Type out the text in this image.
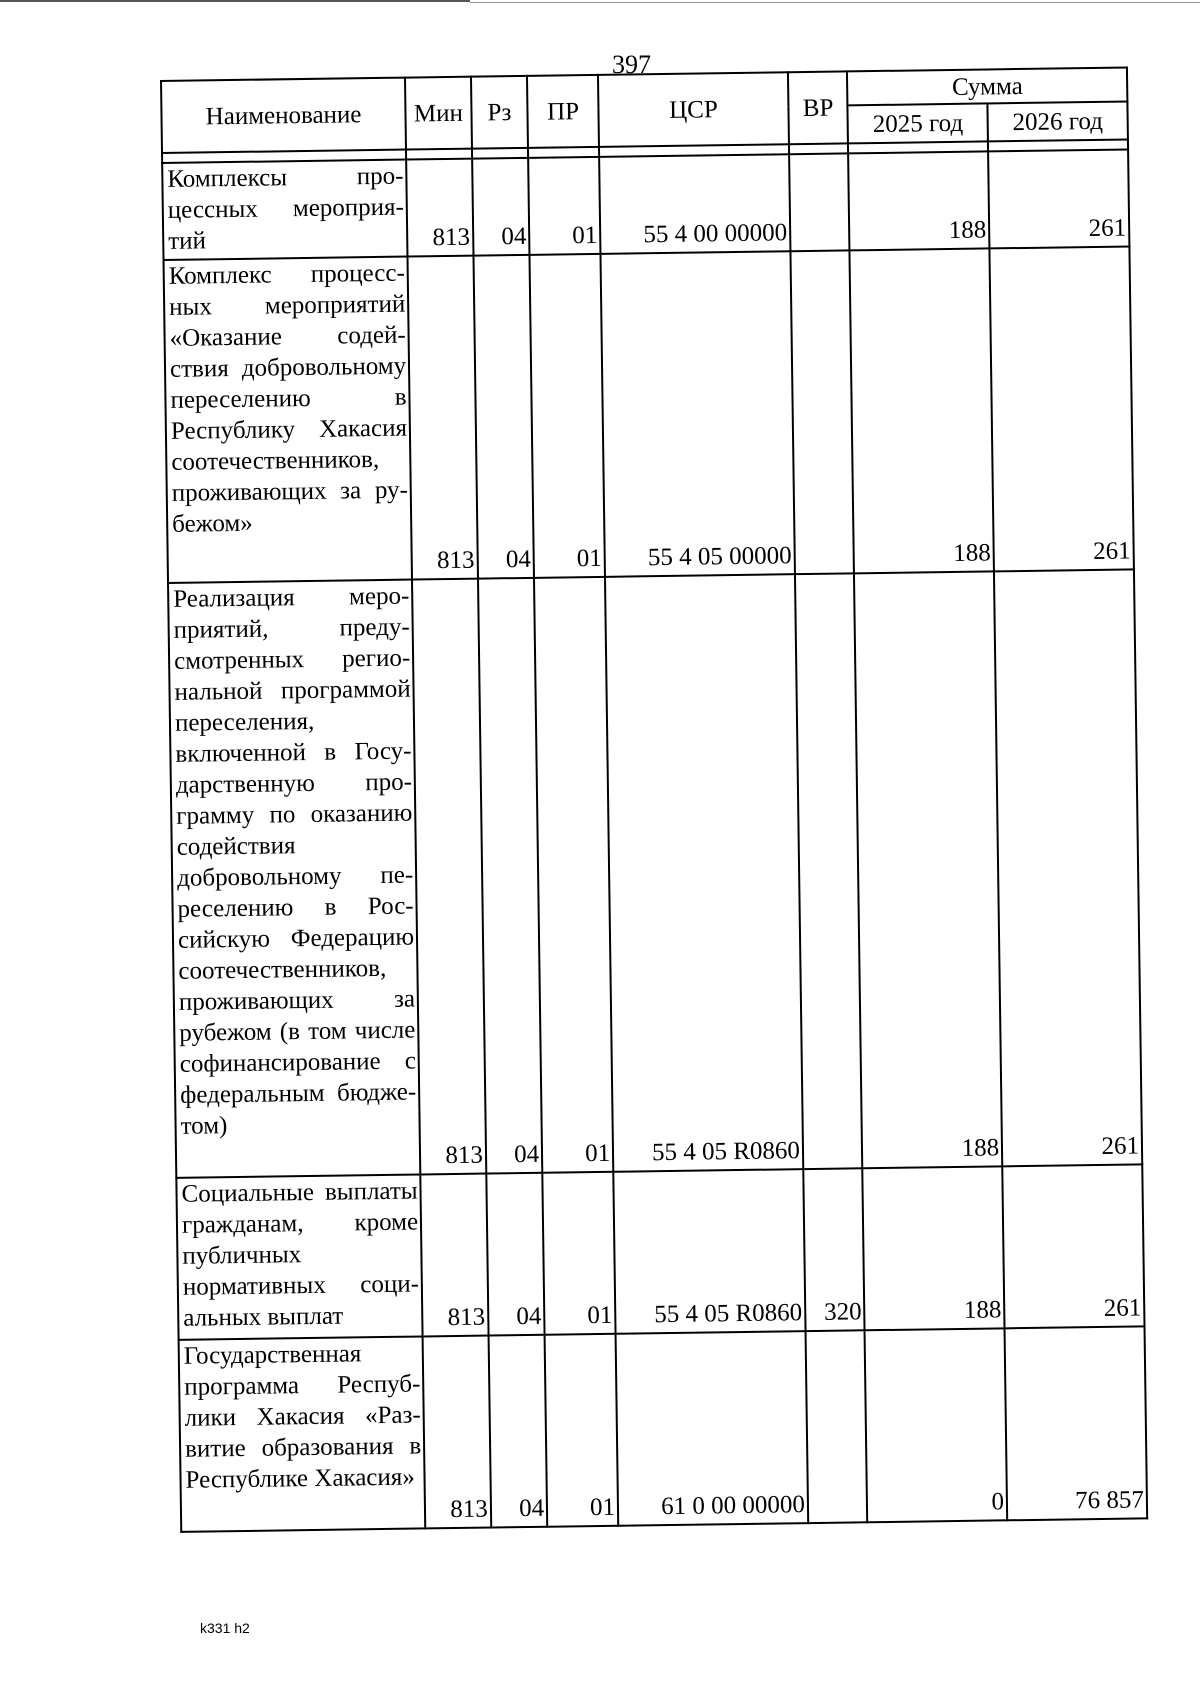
397
Наименование	Мин	Рз	ПР	ЦСР	ВР	Сумма	
						2025 год	2026 год

Комплексы процессных мероприятий	813	04	01	55 4 00 00000		188	261
Комплекс процессных мероприятий «Оказание содействия добровольному переселению в Республику Хакасия соотечественников, проживающих за рубежом»	813	04	01	55 4 05 00000		188	261
Реализация мероприятий, предусмотренных региональной программой переселения, включенной в Государственную программу по оказанию содействия добровольному переселению в Российскую Федерацию соотечественников, проживающих за рубежом (в том числе софинансирование с федеральным бюджетом)	813	04	01	55 4 05 R0860		188	261
Социальные выплаты гражданам, кроме публичных нормативных социальных выплат	813	04	01	55 4 05 R0860	320	188	261
Государственная программа Республики Хакасия «Развитие образования в Республике Хакасия»	813	04	01	61 0 00 00000		0	76 857
k331 h2
